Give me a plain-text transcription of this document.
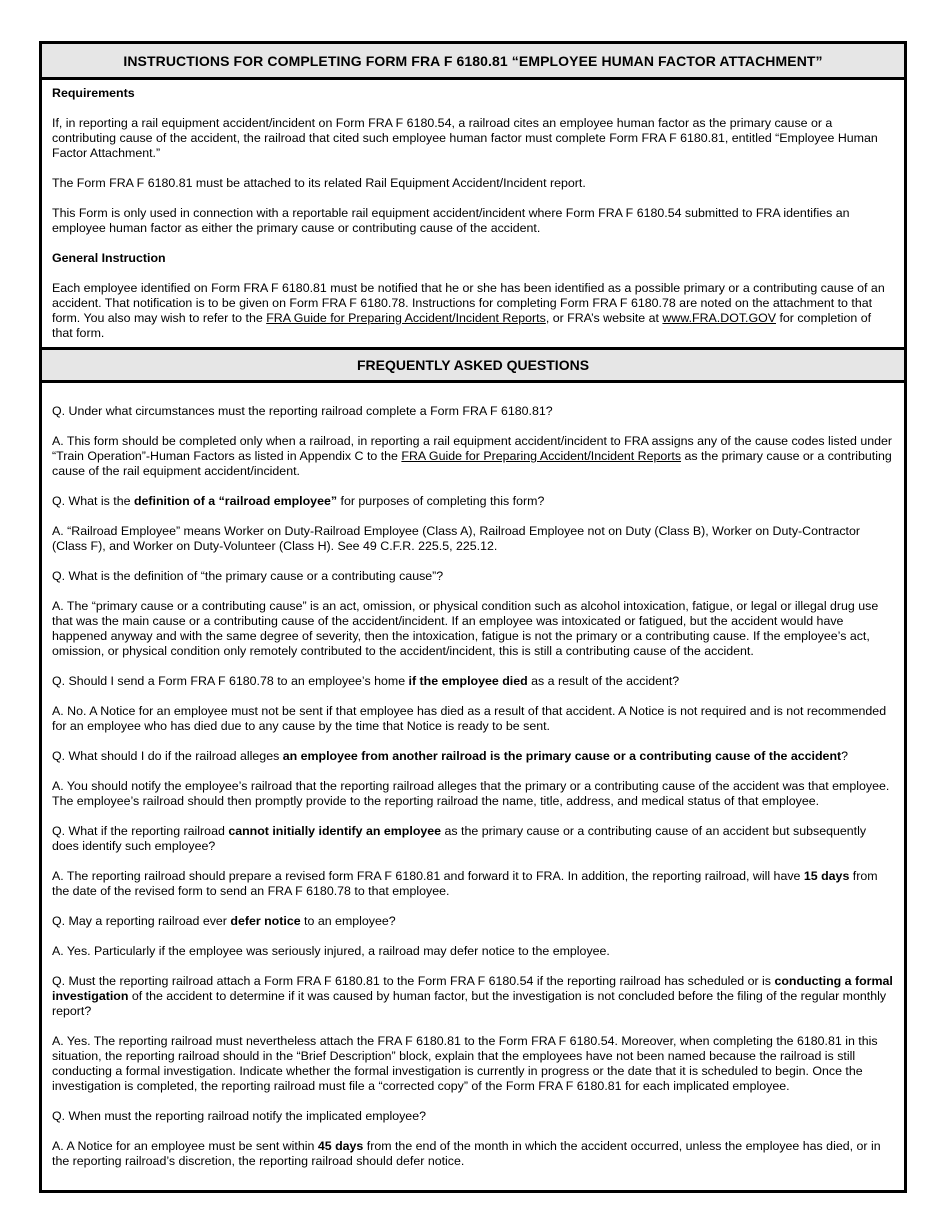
INSTRUCTIONS FOR COMPLETING FORM FRA F 6180.81 “EMPLOYEE HUMAN FACTOR ATTACHMENT”
Requirements

If, in reporting a rail equipment accident/incident on Form FRA F 6180.54, a railroad cites an employee human factor as the primary cause or a contributing cause of the accident, the railroad that cited such employee human factor must complete Form FRA F 6180.81, entitled “Employee Human Factor Attachment.”

The Form FRA F 6180.81 must be attached to its related Rail Equipment Accident/Incident report.

This Form is only used in connection with a reportable rail equipment accident/incident where Form FRA F 6180.54 submitted to FRA identifies an employee human factor as either the primary cause or contributing cause of the accident.

General Instruction

Each employee identified on Form FRA F 6180.81 must be notified that he or she has been identified as a possible primary or a contributing cause of an accident. That notification is to be given on Form FRA F 6180.78. Instructions for completing Form FRA F 6180.78 are noted on the attachment to that form. You also may wish to refer to the FRA Guide for Preparing Accident/Incident Reports, or FRA’s website at www.FRA.DOT.GOV for completion of that form.

FREQUENTLY ASKED QUESTIONS

Q. Under what circumstances must the reporting railroad complete a Form FRA F 6180.81?

A. This form should be completed only when a railroad, in reporting a rail equipment accident/incident to FRA assigns any of the cause codes listed under “Train Operation”-Human Factors as listed in Appendix C to the FRA Guide for Preparing Accident/Incident Reports as the primary cause or a contributing cause of the rail equipment accident/incident.

Q. What is the definition of a “railroad employee” for purposes of completing this form?

A. “Railroad Employee” means Worker on Duty-Railroad Employee (Class A), Railroad Employee not on Duty (Class B), Worker on Duty-Contractor (Class F), and Worker on Duty-Volunteer (Class H). See 49 C.F.R. 225.5, 225.12.

Q. What is the definition of “the primary cause or a contributing cause”?

A. The “primary cause or a contributing cause” is an act, omission, or physical condition such as alcohol intoxication, fatigue, or legal or illegal drug use that was the main cause or a contributing cause of the accident/incident. If an employee was intoxicated or fatigued, but the accident would have happened anyway and with the same degree of severity, then the intoxication, fatigue is not the primary or a contributing cause. If the employee’s act, omission, or physical condition only remotely contributed to the accident/incident, this is still a contributing cause of the accident.

Q. Should I send a Form FRA F 6180.78 to an employee’s home if the employee died as a result of the accident?

A. No. A Notice for an employee must not be sent if that employee has died as a result of that accident. A Notice is not required and is not recommended for an employee who has died due to any cause by the time that Notice is ready to be sent.

Q. What should I do if the railroad alleges an employee from another railroad is the primary cause or a contributing cause of the accident?

A. You should notify the employee’s railroad that the reporting railroad alleges that the primary or a contributing cause of the accident was that employee. The employee’s railroad should then promptly provide to the reporting railroad the name, title, address, and medical status of that employee.

Q. What if the reporting railroad cannot initially identify an employee as the primary cause or a contributing cause of an accident but subsequently does identify such employee?

A. The reporting railroad should prepare a revised form FRA F 6180.81 and forward it to FRA. In addition, the reporting railroad, will have 15 days from the date of the revised form to send an FRA F 6180.78 to that employee.

Q. May a reporting railroad ever defer notice to an employee?

A. Yes. Particularly if the employee was seriously injured, a railroad may defer notice to the employee.

Q. Must the reporting railroad attach a Form FRA F 6180.81 to the Form FRA F 6180.54 if the reporting railroad has scheduled or is conducting a formal investigation of the accident to determine if it was caused by human factor, but the investigation is not concluded before the filing of the regular monthly report?

A. Yes. The reporting railroad must nevertheless attach the FRA F 6180.81 to the Form FRA F 6180.54. Moreover, when completing the 6180.81 in this situation, the reporting railroad should in the “Brief Description” block, explain that the employees have not been named because the railroad is still conducting a formal investigation. Indicate whether the formal investigation is currently in progress or the date that it is scheduled to begin. Once the investigation is completed, the reporting railroad must file a “corrected copy” of the Form FRA F 6180.81 for each implicated employee.

Q. When must the reporting railroad notify the implicated employee?

A. A Notice for an employee must be sent within 45 days from the end of the month in which the accident occurred, unless the employee has died, or in the reporting railroad’s discretion, the reporting railroad should defer notice.
